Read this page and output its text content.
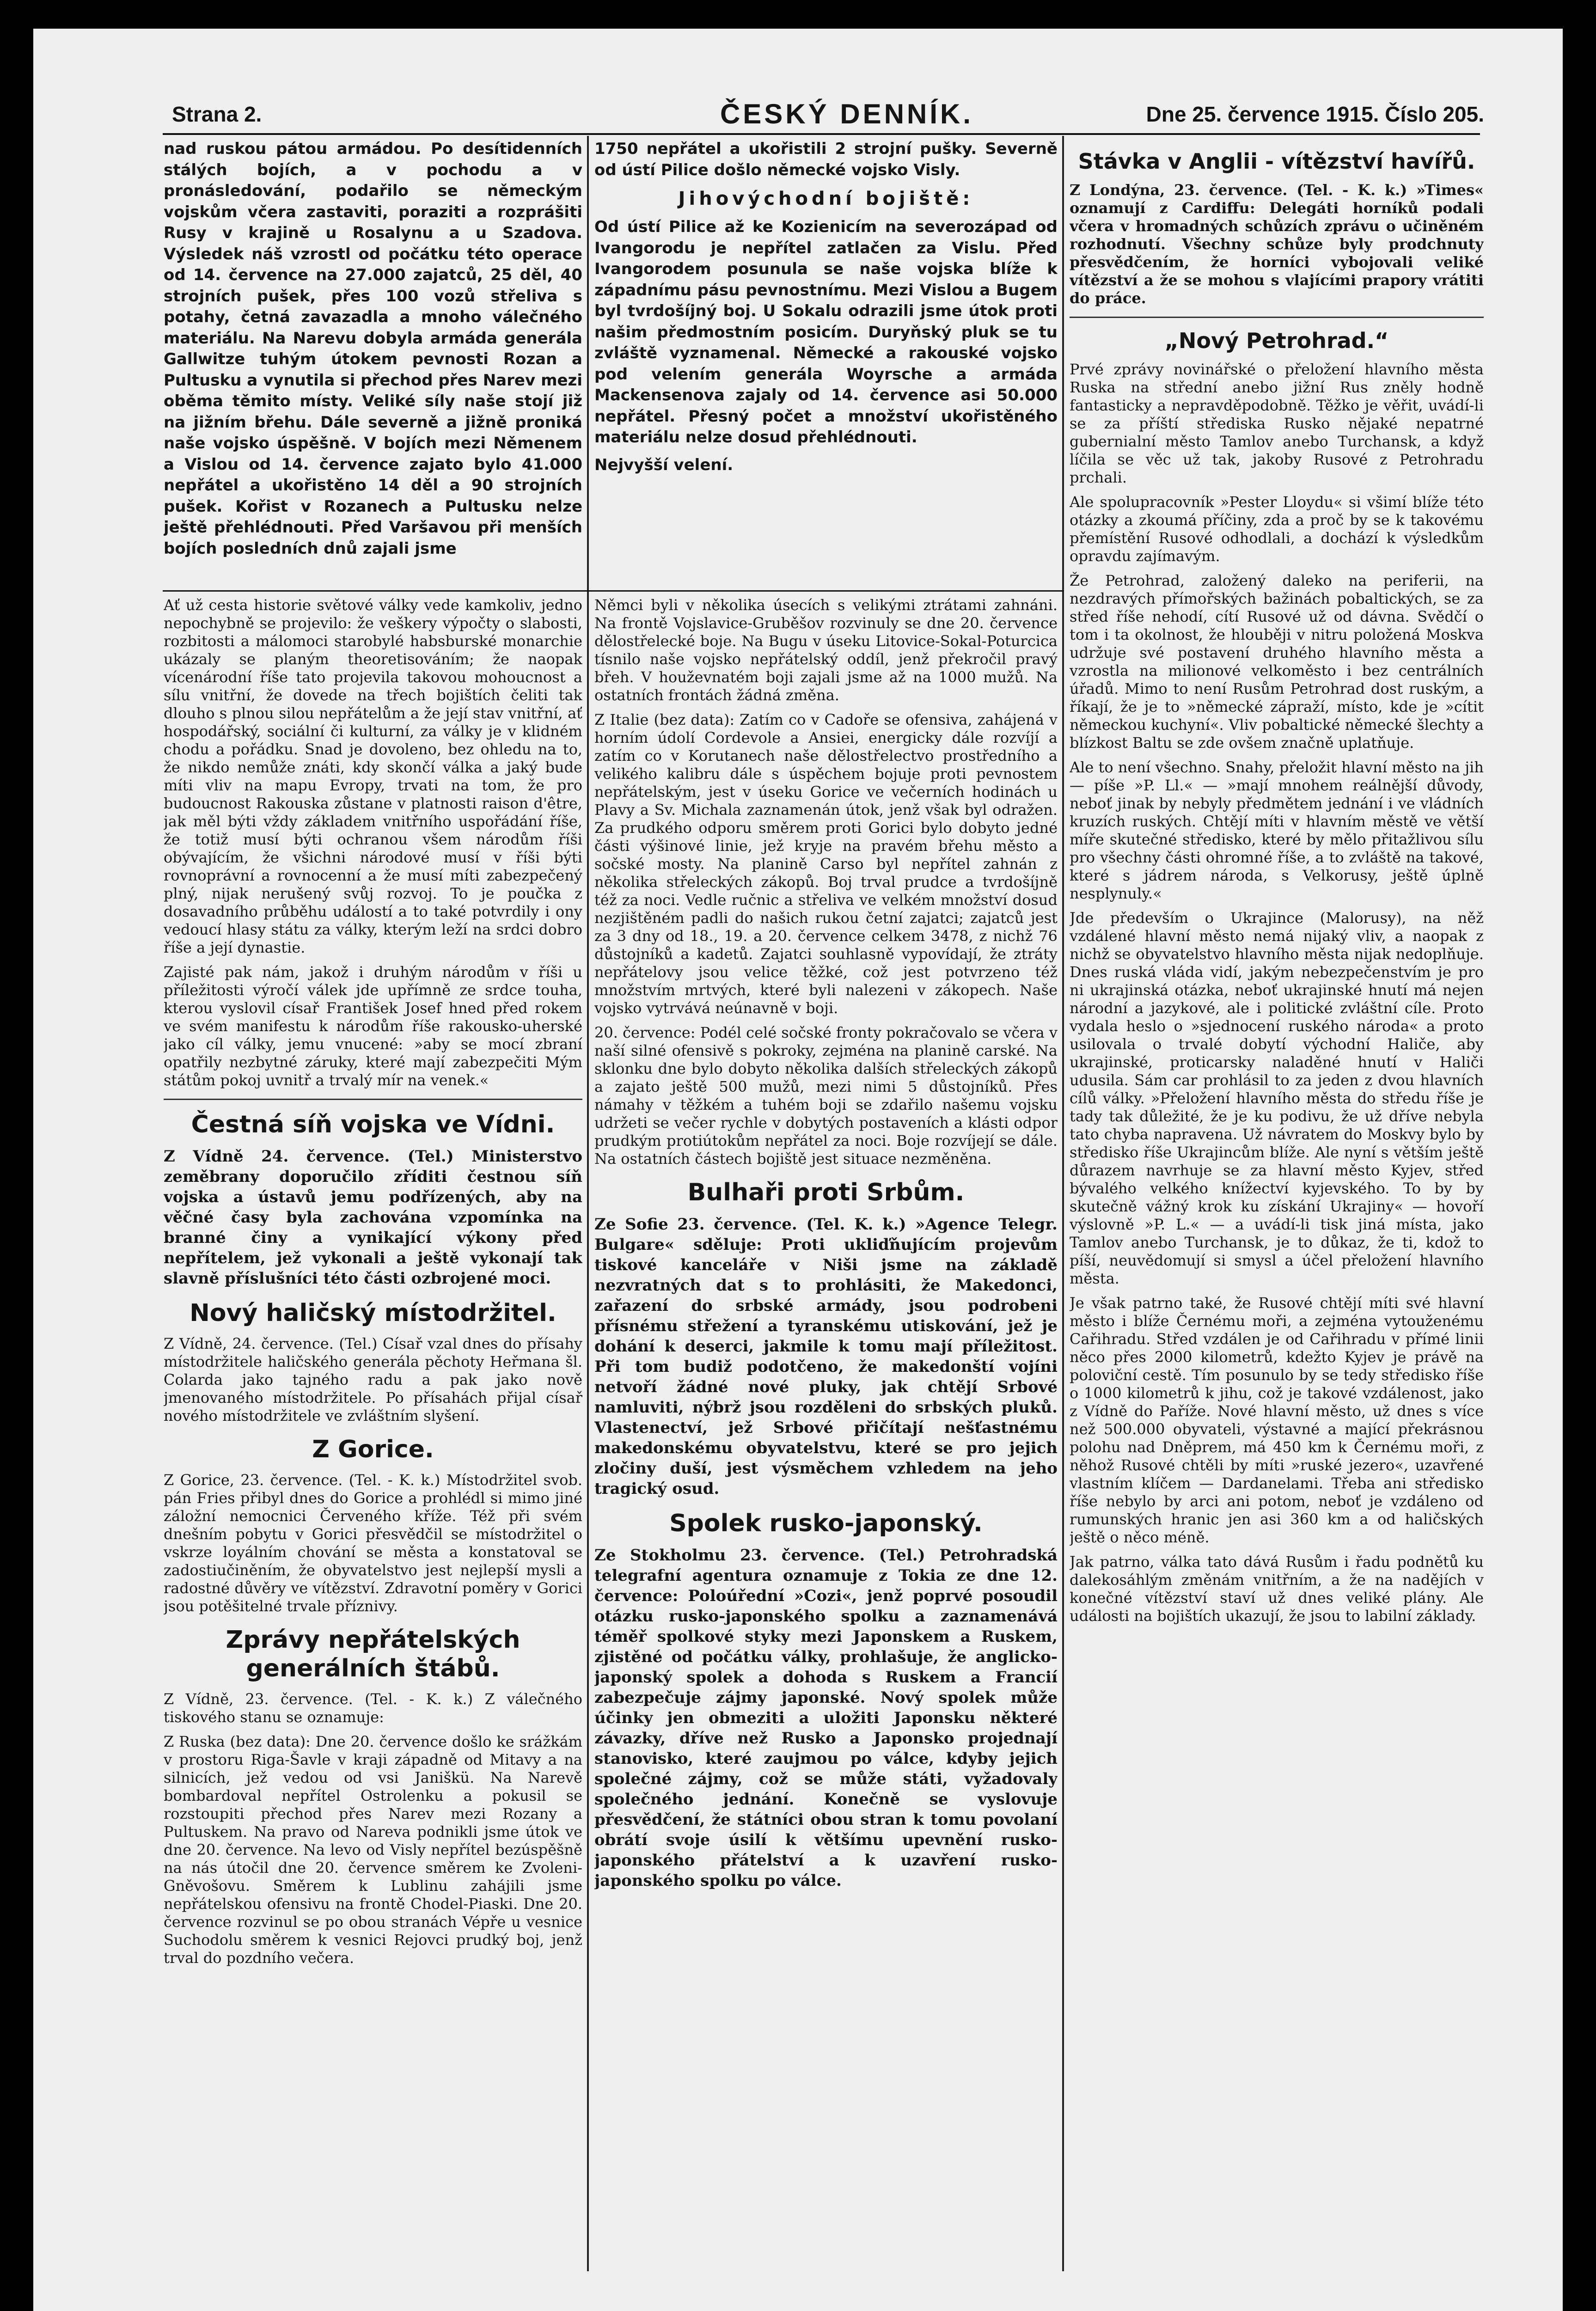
Strana 2.	ČESKÝ DENNÍK.	Dne 25. července 1915. Číslo 205.

nad ruskou pátou armádou. Po desítidenních stálých bojích, a v pochodu a v pronásledování, podařilo se německým vojskům včera zastaviti, poraziti a rozprášiti Rusy v krajině u Rosalynu a u Szadova. Výsledek náš vzrostl od počátku této operace od 14. července na 27.000 zajatců, 25 děl, 40 strojních pušek, přes 100 vozů střeliva s potahy, četná zavazadla a mnoho válečného materiálu. Na Narevu dobyla armáda generála Gallwitze tuhým útokem pevnosti Rozan a Pultusku a vynutila si přechod přes Narev mezi oběma těmito místy. Veliké síly naše stojí již na jižním břehu. Dále severně a jižně proniká naše vojsko úspěšně. V bojích mezi Němenem a Vislou od 14. července zajato bylo 41.000 nepřátel a ukořistěno 14 děl a 90 strojních pušek. Kořist v Rozanech a Pultusku nelze ještě přehlédnouti. Před Varšavou při menších bojích posledních dnů zajali jsme

Ať už cesta historie světové války vede kamkoliv, jedno nepochybně se projevilo: že veškery výpočty o slabosti, rozbitosti a málomoci starobylé habsburské monarchie ukázaly se planým theoretisováním; že naopak vícenárodní říše tato projevila takovou mohoucnost a sílu vnitřní, že dovede na třech bojištích čeliti tak dlouho s plnou silou nepřátelům a že její stav vnitřní, ať hospodářský, sociální či kulturní, za války je v klidném chodu a pořádku. Snad je dovoleno, bez ohledu na to, že nikdo nemůže znáti, kdy skončí válka a jaký bude míti vliv na mapu Evropy, trvati na tom, že pro budoucnost Rakouska zůstane v platnosti raison d'être, jak měl býti vždy základem vnitřního uspořádání říše, že totiž musí býti ochranou všem národům říši obývajícím, že všichni národové musí v říši býti rovnoprávní a rovnocenní a že musí míti zabezpečený plný, nijak nerušený svůj rozvoj. To je poučka z dosavadního průběhu událostí a to také potvrdily i ony vedoucí hlasy státu za války, kterým leží na srdci dobro říše a její dynastie.

Zajisté pak nám, jakož i druhým národům v říši u příležitosti výročí válek jde upřímně ze srdce touha, kterou vyslovil císař František Josef hned před rokem ve svém manifestu k národům říše rakousko-uherské jako cíl války, jemu vnucené: »aby se mocí zbraní opatřily nezbytné záruky, které mají zabezpečiti Mým státům pokoj uvnitř a trvalý mír na venek.«

Čestná síň vojska ve Vídni.

Z Vídně 24. července. (Tel.) Ministerstvo zeměbrany doporučilo zříditi čestnou síň vojska a ústavů jemu podřízených, aby na věčné časy byla zachována vzpomínka na branné činy a vynikající výkony před nepřítelem, jež vykonali a ještě vykonají tak slavně příslušníci této části ozbrojené moci.

Nový haličský místodržitel.

Z Vídně, 24. července. (Tel.) Císař vzal dnes do přísahy místodržitele haličského generála pěchoty Heřmana šl. Colarda jako tajného radu a pak jako nově jmenovaného místodržitele. Po přísahách přijal císař nového místodržitele ve zvláštním slyšení.

Z Gorice.

Z Gorice, 23. července. (Tel. - K. k.) Místodržitel svob. pán Fries přibyl dnes do Gorice a prohlédl si mimo jiné záložní nemocnici Červeného kříže. Též při svém dnešním pobytu v Gorici přesvědčil se místodržitel o vskrze loyálním chování se města a konstatoval se zadostiučiněním, že obyvatelstvo jest nejlepší mysli a radostné důvěry ve vítězství. Zdravotní poměry v Gorici jsou potěšitelné trvale příznivy.

Zprávy nepřátelských generálních štábů.

Z Vídně, 23. července. (Tel. - K. k.) Z válečného tiskového stanu se oznamuje:

Z Ruska (bez data): Dne 20. července došlo ke srážkám v prostoru Riga-Šavle v kraji západně od Mitavy a na silnicích, jež vedou od vsi Janiškü. Na Narevě bombardoval nepřítel Ostrolenku a pokusil se rozstoupiti přechod přes Narev mezi Rozany a Pultuskem. Na pravo od Nareva podnikli jsme útok ve dne 20. července. Na levo od Visly nepřítel bezúspěšně na nás útočil dne 20. července směrem ke Zvoleni-Gněvošovu. Směrem k Lublinu zahájili jsme nepřátelskou ofensivu na frontě Chodel-Piaski. Dne 20. července rozvinul se po obou stranách Vépře u vesnice Suchodolu směrem k vesnici Rejovci prudký boj, jenž trval do pozdního večera.

1750 nepřátel a ukořistili 2 strojní pušky. Severně od ústí Pilice došlo německé vojsko Visly.

Jihovýchodní bojiště:

Od ústí Pilice až ke Kozienicím na severozápad od Ivangorodu je nepřítel zatlačen za Vislu. Před Ivangorodem posunula se naše vojska blíže k západnímu pásu pevnostnímu. Mezi Vislou a Bugem byl tvrdošíjný boj. U Sokalu odrazili jsme útok proti našim předmostním posicím. Duryňský pluk se tu zvláště vyznamenal. Německé a rakouské vojsko pod velením generála Woyrsche a armáda Mackensenova zajaly od 14. července asi 50.000 nepřátel. Přesný počet a množství ukořistěného materiálu nelze dosud přehlédnouti.

Nejvyšší velení.

Němci byli v několika úsecích s velikými ztrátami zahnáni. Na frontě Vojslavice-Gruběšov rozvinuly se dne 20. července dělostřelecké boje. Na Bugu v úseku Litovice-Sokal-Poturcica tísnilo naše vojsko nepřátelský oddíl, jenž překročil pravý břeh. V houževnatém boji zajali jsme až na 1000 mužů. Na ostatních frontách žádná změna.

Z Italie (bez data): Zatím co v Cadoře se ofensiva, zahájená v horním údolí Cordevole a Ansiei, energicky dále rozvíjí a zatím co v Korutanech naše dělostřelectvo prostředního a velikého kalibru dále s úspěchem bojuje proti pevnostem nepřátelským, jest v úseku Gorice ve večerních hodinách u Plavy a Sv. Michala zaznamenán útok, jenž však byl odražen. Za prudkého odporu směrem proti Gorici bylo dobyto jedné části výšinové linie, jež kryje na pravém břehu město a sočské mosty. Na planině Carso byl nepřítel zahnán z několika střeleckých zákopů. Boj trval prudce a tvrdošíjně též za noci. Vedle ručnic a střeliva ve velkém množství dosud nezjištěném padli do našich rukou četní zajatci; zajatců jest za 3 dny od 18., 19. a 20. července celkem 3478, z nichž 76 důstojníků a kadetů. Zajatci souhlasně vypovídají, že ztráty nepřátelovy jsou velice těžké, což jest potvrzeno též množstvím mrtvých, které byli nalezeni v zákopech. Naše vojsko vytrvává neúnavně v boji.

20. července: Podél celé sočské fronty pokračovalo se včera v naší silné ofensivě s pokroky, zejména na planině carské. Na sklonku dne bylo dobyto několika dalších střeleckých zákopů a zajato ještě 500 mužů, mezi nimi 5 důstojníků. Přes námahy v těžkém a tuhém boji se zdařilo našemu vojsku udržeti se večer rychle v dobytých postaveních a klásti odpor prudkým protiútokům nepřátel za noci. Boje rozvíjejí se dále. Na ostatních částech bojiště jest situace nezměněna.

Bulhaři proti Srbům.

Ze Sofie 23. července. (Tel. K. k.) »Agence Telegr. Bulgare« sděluje: Proti ukliďňujícím projevům tiskové kanceláře v Niši jsme na základě nezvratných dat s to prohlásiti, že Makedonci, zařazení do srbské armády, jsou podrobeni přísnému střežení a tyranskému utiskování, jež je dohání k deserci, jakmile k tomu mají příležitost. Při tom budiž podotčeno, že makedonští vojíni netvoří žádné nové pluky, jak chtějí Srbové namluviti, nýbrž jsou rozděleni do srbských pluků. Vlastenectví, jež Srbové přičítají nešťastnému makedonskému obyvatelstvu, které se pro jejich zločiny duší, jest výsměchem vzhledem na jeho tragický osud.

Spolek rusko-japonský.

Ze Stokholmu 23. července. (Tel.) Petrohradská telegrafní agentura oznamuje z Tokia ze dne 12. července: Poloúřední »Cozi«, jenž poprvé posoudil otázku rusko-japonského spolku a zaznamenává téměř spolkové styky mezi Japonskem a Ruskem, zjistěné od počátku války, prohlašuje, že anglicko-japonský spolek a dohoda s Ruskem a Francií zabezpečuje zájmy japonské. Nový spolek může účinky jen obmeziti a uložiti Japonsku některé závazky, dříve než Rusko a Japonsko projednají stanovisko, které zaujmou po válce, kdyby jejich společné zájmy, což se může státi, vyžadovaly společného jednání. Konečně se vyslovuje přesvědčení, že státníci obou stran k tomu povolaní obrátí svoje úsilí k většímu upevnění rusko-japonského přátelství a k uzavření rusko-japonského spolku po válce.

Stávka v Anglii - vítězství havířů.

Z Londýna, 23. července. (Tel. - K. k.) »Times« oznamují z Cardiffu: Delegáti horníků podali včera v hromadných schůzích zprávu o učiněném rozhodnutí. Všechny schůze byly prodchnuty přesvědčením, že horníci vybojovali veliké vítězství a že se mohou s vlajícími prapory vrátiti do práce.

„Nový Petrohrad.“

Prvé zprávy novinářské o přeložení hlavního města Ruska na střední anebo jižní Rus zněly hodně fantasticky a nepravděpodobně. Těžko je věřit, uvádí-li se za příští střediska Rusko nějaké nepatrné gubernialní město Tamlov anebo Turchansk, a když líčila se věc už tak, jakoby Rusové z Petrohradu prchali.

Ale spolupracovník »Pester Lloydu« si všimí blíže této otázky a zkoumá příčiny, zda a proč by se k takovému přemístění Rusové odhodlali, a dochází k výsledkům opravdu zajímavým.

Že Petrohrad, založený daleko na periferii, na nezdravých přímořských bažinách pobaltických, se za střed říše nehodí, cítí Rusové už od dávna. Svědčí o tom i ta okolnost, že hlouběji v nitru položená Moskva udržuje své postavení druhého hlavního města a vzrostla na milionové velkoměsto i bez centrálních úřadů. Mimo to není Rusům Petrohrad dost ruským, a říkají, že je to »německé zápraží, místo, kde je »cítit německou kuchyní«. Vliv pobaltické německé šlechty a blízkost Baltu se zde ovšem značně uplatňuje.

Ale to není všechno. Snahy, přeložit hlavní město na jih — píše »P. Ll.« — »mají mnohem reálnější důvody, neboť jinak by nebyly předmětem jednání i ve vládních kruzích ruských. Chtějí míti v hlavním městě ve větší míře skutečné středisko, které by mělo přitažlivou sílu pro všechny části ohromné říše, a to zvláště na takové, které s jádrem národa, s Velkorusy, ještě úplně nesplynuly.«

Jde především o Ukrajince (Malorusy), na něž vzdálené hlavní město nemá nijaký vliv, a naopak z nichž se obyvatelstvo hlavního města nijak nedoplňuje. Dnes ruská vláda vidí, jakým nebezpečenstvím je pro ni ukrajinská otázka, neboť ukrajinské hnutí má nejen národní a jazykové, ale i politické zvláštní cíle. Proto vydala heslo o »sjednocení ruského národa« a proto usilovala o trvalé dobytí východní Haliče, aby ukrajinské, proticarsky naladěné hnutí v Haliči udusila. Sám car prohlásil to za jeden z dvou hlavních cílů války. »Přeložení hlavního města do středu říše je tady tak důležité, že je ku podivu, že už dříve nebyla tato chyba napravena. Už návratem do Moskvy bylo by středisko říše Ukrajincům blíže. Ale nyní s větším ještě důrazem navrhuje se za hlavní město Kyjev, střed bývalého velkého knížectví kyjevského. To by by skutečně vážný krok ku získání Ukrajiny« — hovoří výslovně »P. L.« — a uvádí-li tisk jiná místa, jako Tamlov anebo Turchansk, je to důkaz, že ti, kdož to píší, neuvědomují si smysl a účel přeložení hlavního města.

Je však patrno také, že Rusové chtějí míti své hlavní město i blíže Černému moři, a zejména vytouženému Cařihradu. Střed vzdálen je od Cařihradu v přímé linii něco přes 2000 kilometrů, kdežto Kyjev je právě na poloviční cestě. Tím posunulo by se tedy středisko říše o 1000 kilometrů k jihu, což je takové vzdálenost, jako z Vídně do Paříže. Nové hlavní město, už dnes s více než 500.000 obyvateli, výstavné a mající překrásnou polohu nad Dněprem, má 450 km k Černému moři, z něhož Rusové chtěli by míti »ruské jezero«, uzavřené vlastním klíčem — Dardanelami. Třeba ani středisko říše nebylo by arci ani potom, neboť je vzdáleno od rumunských hranic jen asi 360 km a od haličských ještě o něco méně.

Jak patrno, válka tato dává Rusům i řadu podnětů ku dalekosáhlým změnám vnitřním, a že na nadějích v konečné vítězství staví už dnes veliké plány. Ale události na bojištích ukazují, že jsou to labilní základy.
